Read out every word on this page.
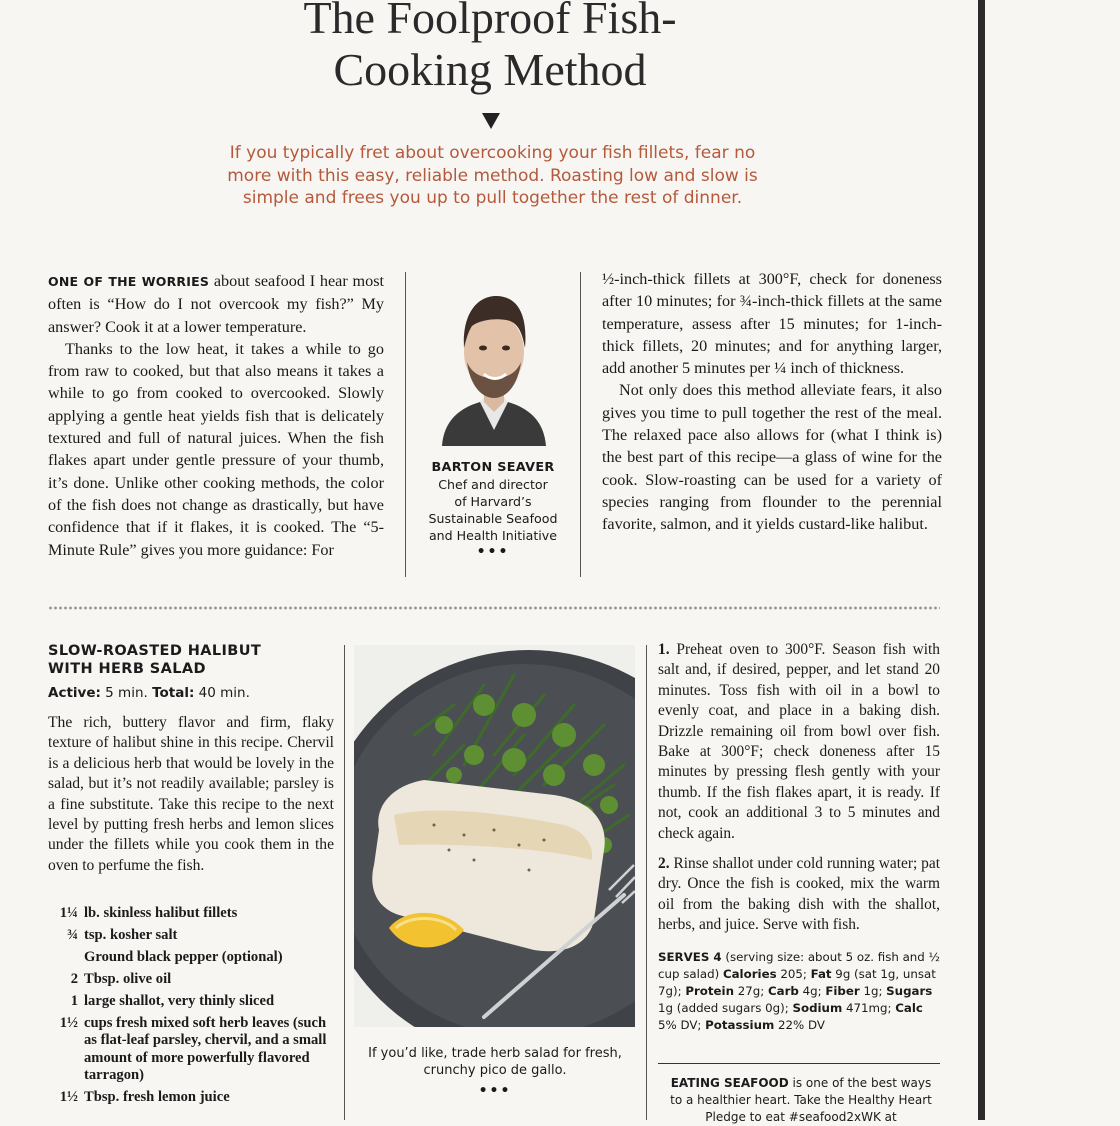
The Foolproof Fish-
Cooking Method
If you typically fret about overcooking your fish fillets, fear no more with this easy, reliable method. Roasting low and slow is simple and frees you up to pull together the rest of dinner.

ONE OF THE WORRIES about seafood I hear most often is “How do I not overcook my fish?” My answer? Cook it at a lower temperature.

Thanks to the low heat, it takes a while to go from raw to cooked, but that also means it takes a while to go from cooked to overcooked. Slowly applying a gentle heat yields fish that is delicately textured and full of natural juices. When the fish flakes apart under gentle pressure of your thumb, it’s done. Unlike other cooking methods, the color of the fish does not change as drastically, but have confidence that if it flakes, it is cooked. The “5-Minute Rule” gives you more guidance: For

BARTON SEAVER
Chef and director
of Harvard’s
Sustainable Seafood
and Health Initiative
•••

½-inch-thick fillets at 300°F, check for doneness after 10 minutes; for ¾-inch-thick fillets at the same temperature, assess after 15 minutes; for 1-inch-thick fillets, 20 minutes; and for anything larger, add another 5 minutes per ¼ inch of thickness.

Not only does this method alleviate fears, it also gives you time to pull together the rest of the meal. The relaxed pace also allows for (what I think is) the best part of this recipe—a glass of wine for the cook. Slow-roasting can be used for a variety of species ranging from flounder to the perennial favorite, salmon, and it yields custard-like halibut.

SLOW-ROASTED HALIBUT
WITH HERB SALAD
Active: 5 min. Total: 40 min.
The rich, buttery flavor and firm, flaky texture of halibut shine in this recipe. Chervil is a delicious herb that would be lovely in the salad, but it’s not readily available; parsley is a fine substitute. Take this recipe to the next level by putting fresh herbs and lemon slices under the fillets while you cook them in the oven to perfume the fish.
1¼ lb. skinless halibut fillets
¾ tsp. kosher salt
Ground black pepper (optional)
2 Tbsp. olive oil
1 large shallot, very thinly sliced
1½ cups fresh mixed soft herb leaves (such as flat-leaf parsley, chervil, and a small amount of more powerfully flavored tarragon)
1½ Tbsp. fresh lemon juice
If you’d like, trade herb salad for fresh, crunchy pico de gallo.
•••

1. Preheat oven to 300°F. Season fish with salt and, if desired, pepper, and let stand 20 minutes. Toss fish with oil in a bowl to evenly coat, and place in a baking dish. Drizzle remaining oil from bowl over fish. Bake at 300°F; check doneness after 15 minutes by pressing flesh gently with your thumb. If the fish flakes apart, it is ready. If not, cook an additional 3 to 5 minutes and check again.

2. Rinse shallot under cold running water; pat dry. Once the fish is cooked, mix the warm oil from the baking dish with the shallot, herbs, and juice. Serve with fish.

SERVES 4 (serving size: about 5 oz. fish and ½ cup salad) Calories 205; Fat 9g (sat 1g, unsat 7g); Protein 27g; Carb 4g; Fiber 1g; Sugars 1g (added sugars 0g); Sodium 471mg; Calc 5% DV; Potassium 22% DV
EATING SEAFOOD is one of the best ways to a healthier heart. Take the Healthy Heart Pledge to eat #seafood2xWK at
